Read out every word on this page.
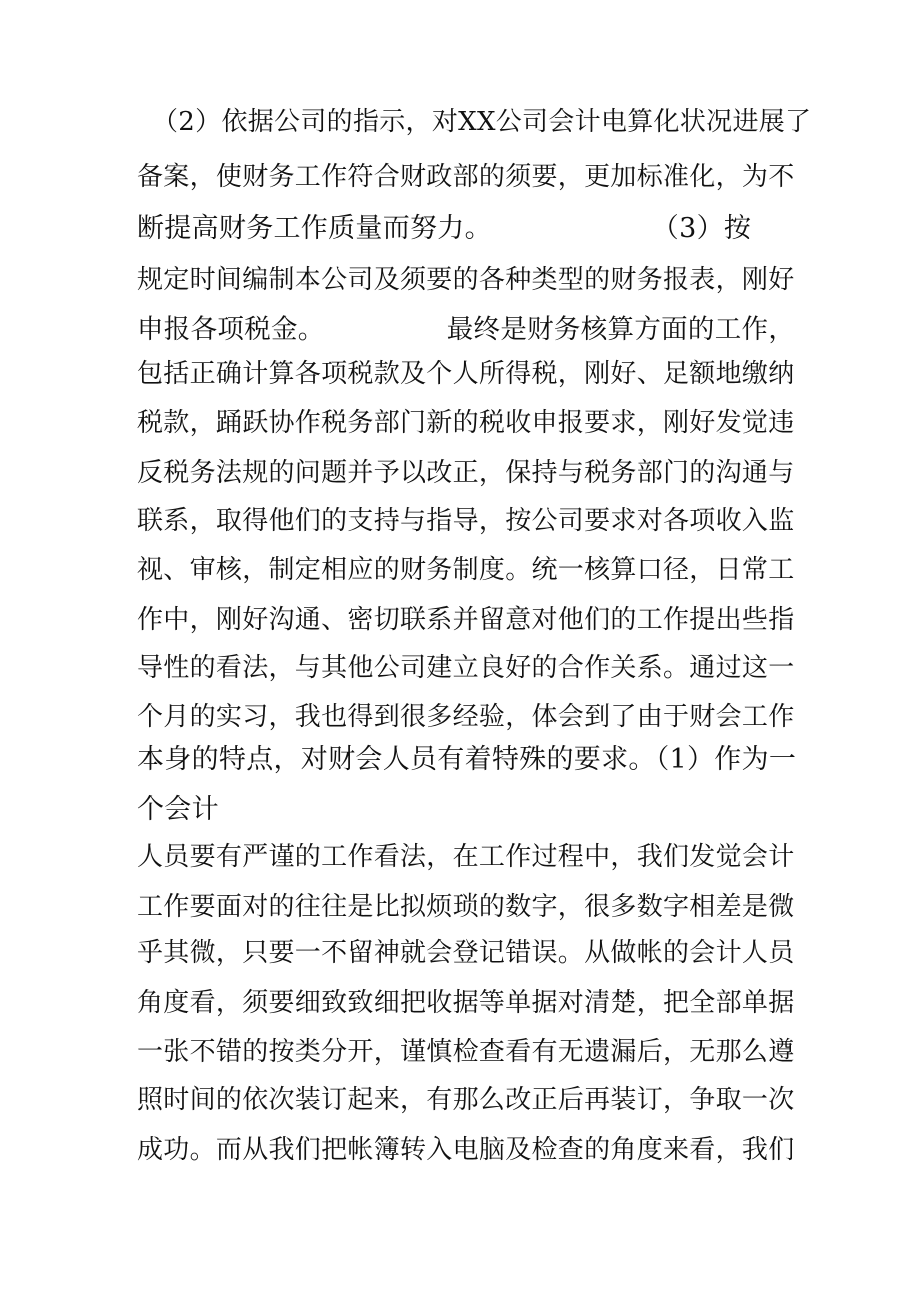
（2）依据公司的指示，对XX公司会计电算化状况进展了
备案，使财务工作符合财政部的须要，更加标准化，为不
断提高财务工作质量而努力。                  （3）按
规定时间编制本公司及须要的各种类型的财务报表，刚好
申报各项税金。              最终是财务核算方面的工作，
包括正确计算各项税款及个人所得税，刚好、足额地缴纳
税款，踊跃协作税务部门新的税收申报要求，刚好发觉违
反税务法规的问题并予以改正，保持与税务部门的沟通与
联系，取得他们的支持与指导，按公司要求对各项收入监
视、审核，制定相应的财务制度。统一核算口径，日常工
作中，刚好沟通、密切联系并留意对他们的工作提出些指
导性的看法，与其他公司建立良好的合作关系。通过这一
个月的实习，我也得到很多经验，体会到了由于财会工作
本身的特点，对财会人员有着特殊的要求。（1）作为一
个会计
人员要有严谨的工作看法，在工作过程中，我们发觉会计
工作要面对的往往是比拟烦琐的数字，很多数字相差是微
乎其微，只要一不留神就会登记错误。从做帐的会计人员
角度看，须要细致致细把收据等单据对清楚，把全部单据
一张不错的按类分开，谨慎检查看有无遗漏后，无那么遵
照时间的依次装订起来，有那么改正后再装订，争取一次
成功。而从我们把帐簿转入电脑及检查的角度来看，我们
